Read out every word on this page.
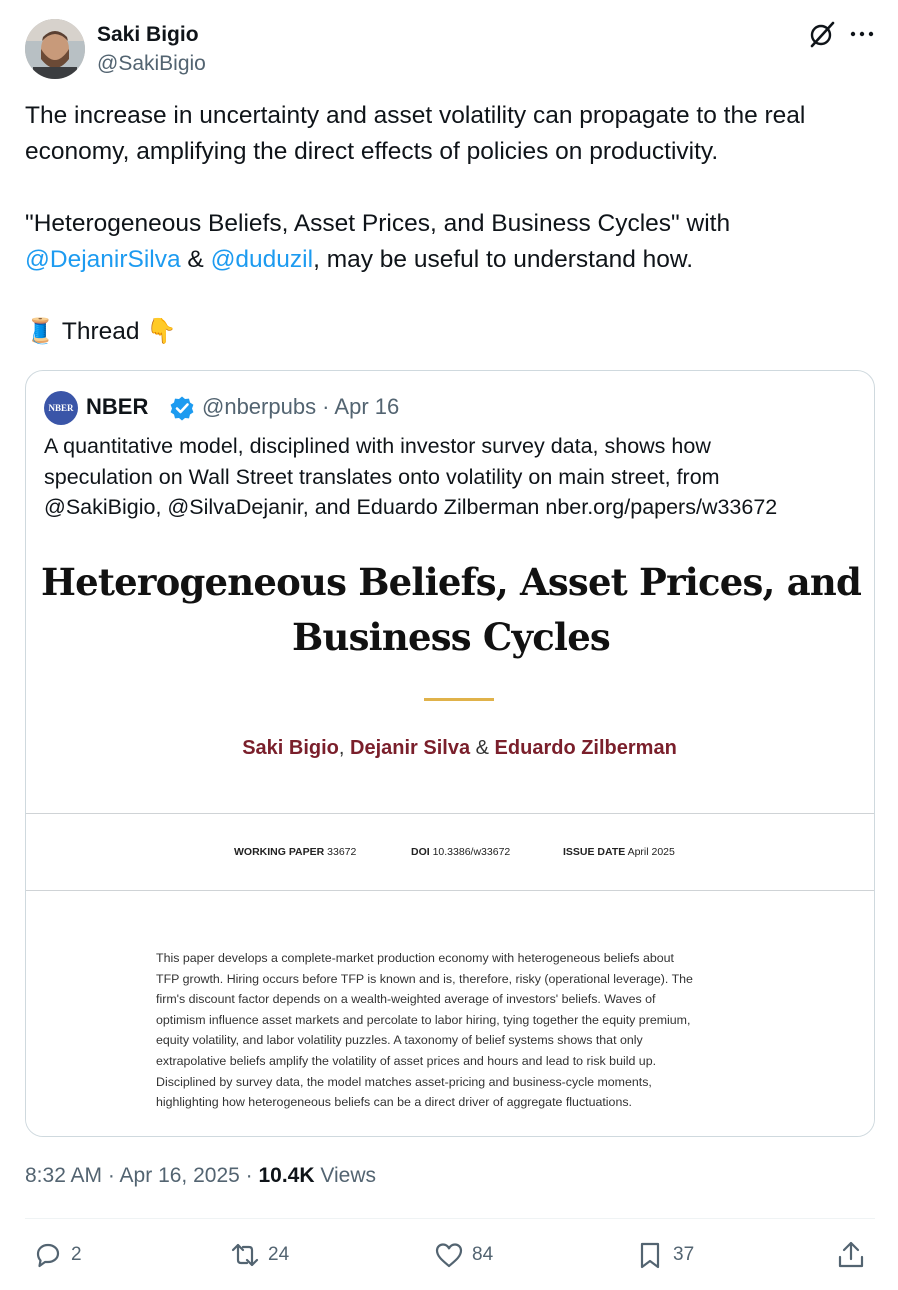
Saki Bigio
@SakiBigio
The increase in uncertainty and asset volatility can propagate to the real
economy, amplifying the direct effects of policies on productivity.
"Heterogeneous Beliefs, Asset Prices, and Business Cycles" with
@DejanirSilva & @duduzil, may be useful to understand how.
🧵 Thread 👇
NBER NBER @nberpubs · Apr 16
A quantitative model, disciplined with investor survey data, shows how
speculation on Wall Street translates onto volatility on main street, from
@SakiBigio, @SilvaDejanir, and Eduardo Zilberman nber.org/papers/w33672
Heterogeneous Beliefs, Asset Prices, and
Business Cycles
Saki Bigio, Dejanir Silva & Eduardo Zilberman
WORKING PAPER 33672	DOI 10.3386/w33672	ISSUE DATE April 2025
This paper develops a complete-market production economy with heterogeneous beliefs about
TFP growth. Hiring occurs before TFP is known and is, therefore, risky (operational leverage). The
firm's discount factor depends on a wealth-weighted average of investors' beliefs. Waves of
optimism influence asset markets and percolate to labor hiring, tying together the equity premium,
equity volatility, and labor volatility puzzles. A taxonomy of belief systems shows that only
extrapolative beliefs amplify the volatility of asset prices and hours and lead to risk build up.
Disciplined by survey data, the model matches asset-pricing and business-cycle moments,
highlighting how heterogeneous beliefs can be a direct driver of aggregate fluctuations.
8:32 AM · Apr 16, 2025 · 10.4K Views
2	24	84	37
